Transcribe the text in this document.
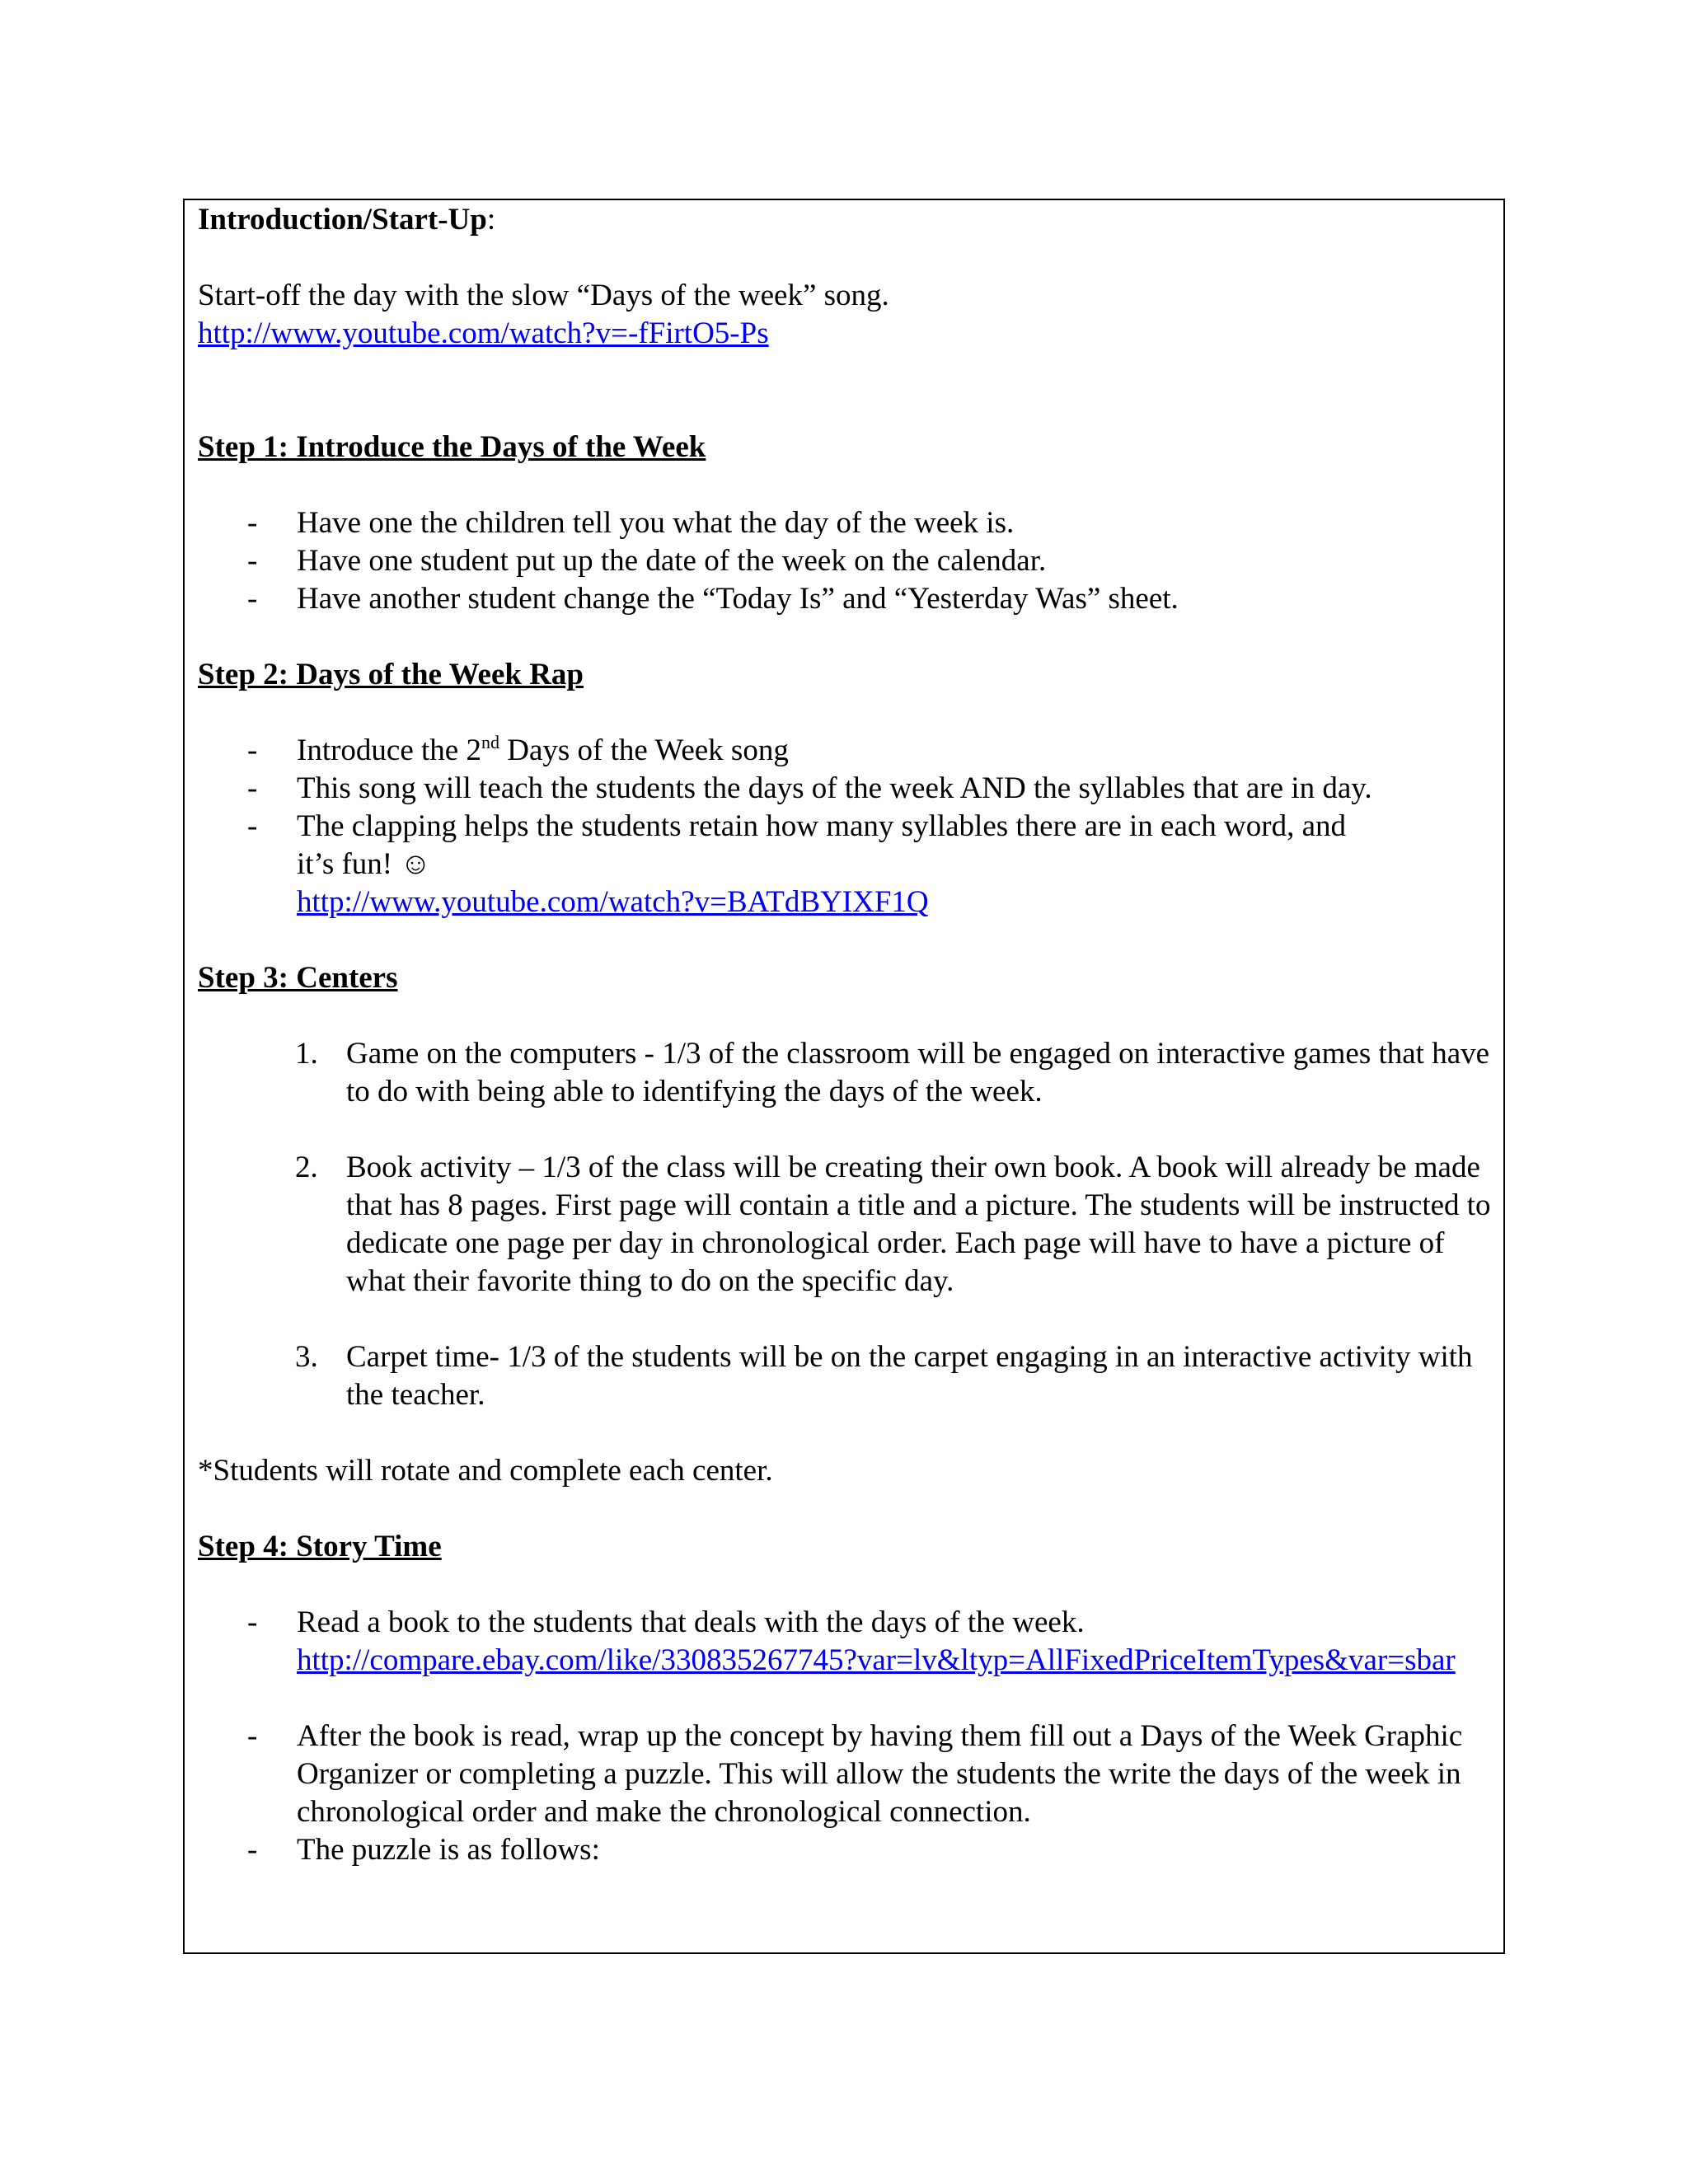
Introduction/Start-Up:

Start-off the day with the slow “Days of the week” song.

http://www.youtube.com/watch?v=-fFirtO5-Ps

Step 1: Introduce the Days of the Week

- Have one the children tell you what the day of the week is.
- Have one student put up the date of the week on the calendar.
- Have another student change the “Today Is” and “Yesterday Was” sheet.

Step 2: Days of the Week Rap

- Introduce the 2nd Days of the Week song
- This song will teach the students the days of the week AND the syllables that are in day.
- The clapping helps the students retain how many syllables there are in each word, and
it’s fun! ☺
http://www.youtube.com/watch?v=BATdBYIXF1Q

Step 3: Centers

1. Game on the computers - 1/3 of the classroom will be engaged on interactive games that have to do with being able to identifying the days of the week.
2. Book activity – 1/3 of the class will be creating their own book. A book will already be made that has 8 pages. First page will contain a title and a picture. The students will be instructed to dedicate one page per day in chronological order. Each page will have to have a picture of what their favorite thing to do on the specific day.
3. Carpet time- 1/3 of the students will be on the carpet engaging in an interactive activity with the teacher.

*Students will rotate and complete each center.

Step 4: Story Time

- Read a book to the students that deals with the days of the week.
http://compare.ebay.com/like/330835267745?var=lv&ltyp=AllFixedPriceItemTypes&var=sbar
- After the book is read, wrap up the concept by having them fill out a Days of the Week Graphic Organizer or completing a puzzle. This will allow the students the write the days of the week in chronological order and make the chronological connection.
- The puzzle is as follows:
